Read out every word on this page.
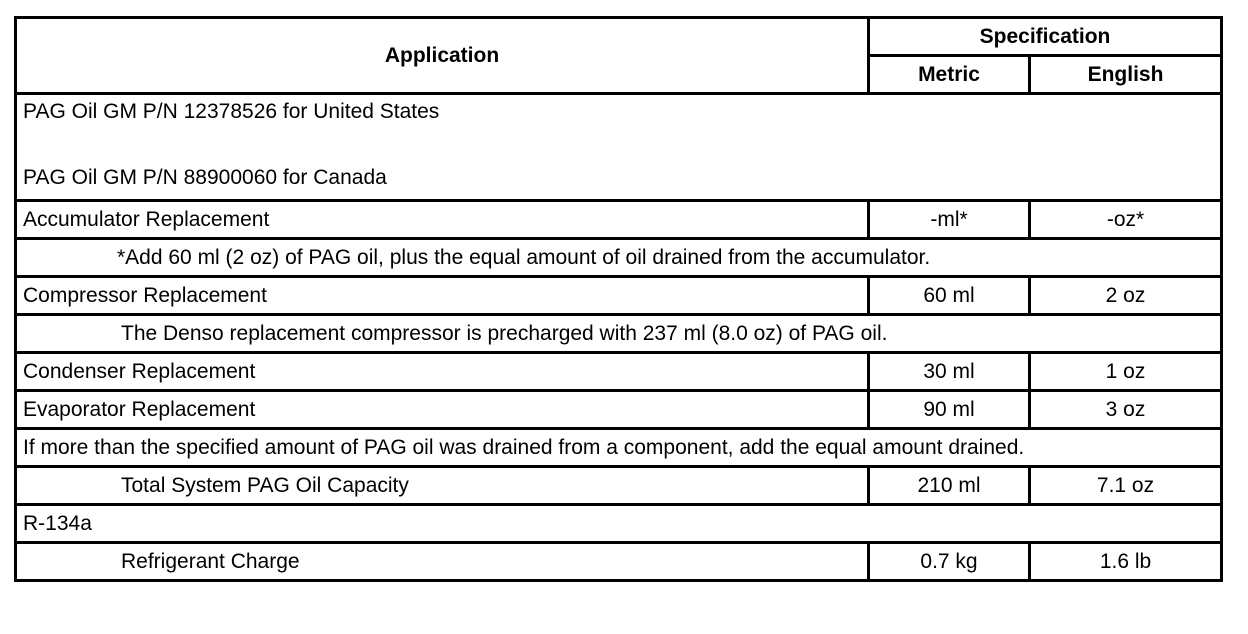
Application	Specification	
	Metric	English

PAG Oil GM P/N 12378526 for United States
PAG Oil GM P/N 88900060 for Canada		

Accumulator Replacement	-ml*	-oz*
*Add 60 ml (2 oz) of PAG oil, plus the equal amount of oil drained from the accumulator.		
Compressor Replacement	60 ml	2 oz
The Denso replacement compressor is precharged with 237 ml (8.0 oz) of PAG oil.		
Condenser Replacement	30 ml	1 oz
Evaporator Replacement	90 ml	3 oz
If more than the specified amount of PAG oil was drained from a component, add the equal amount drained.		
Total System PAG Oil Capacity	210 ml	7.1 oz
R-134a		
Refrigerant Charge	0.7 kg	1.6 lb
